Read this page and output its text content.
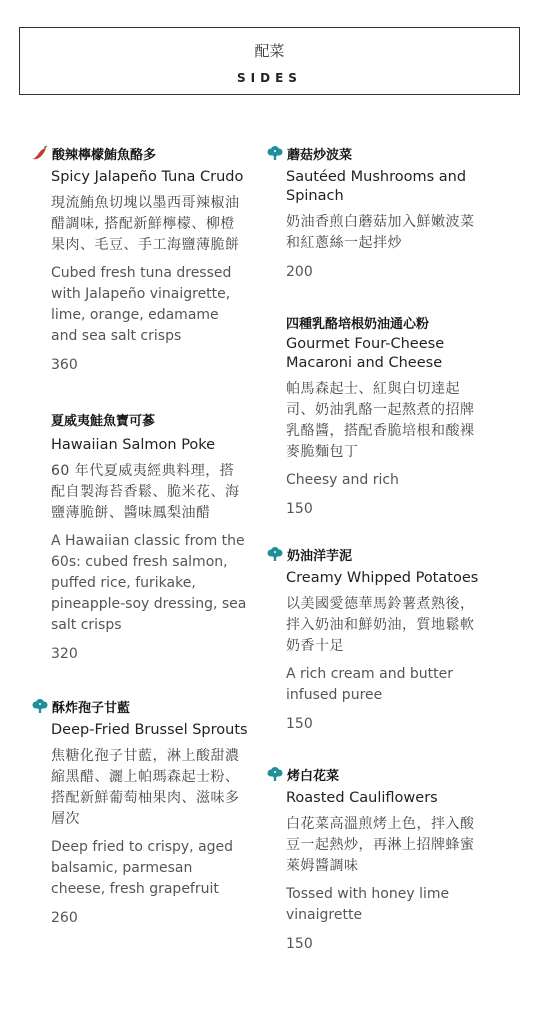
配菜
SIDES
酸辣檸檬鮪魚酪多
Spicy Jalapeño Tuna Crudo
現流鮪魚切塊以墨西哥辣椒油醋調味, 搭配新鮮檸檬、柳橙果肉、毛豆、手工海鹽薄脆餅
Cubed fresh tuna dressed with Jalapeño vinaigrette, lime, orange, edamame and sea salt crisps
360
夏威夷鮭魚寶可蔘
Hawaiian Salmon Poke
60 年代夏威夷經典料理，搭配自製海苔香鬆、脆米花、海鹽薄脆餅、醬味鳳梨油醋
A Hawaiian classic from the 60s: cubed fresh salmon, puffed rice, furikake, pineapple-soy dressing, sea salt crisps
320
酥炸孢子甘藍
Deep-Fried Brussel Sprouts
焦糖化孢子甘藍，淋上酸甜濃縮黑醋、灑上帕瑪森起士粉、搭配新鮮葡萄柚果肉、滋味多層次
Deep fried to crispy, aged balsamic, parmesan cheese, fresh grapefruit
260
蘑菇炒波菜
Sautéed Mushrooms and Spinach
奶油香煎白蘑菇加入鮮嫩波菜和紅蔥絲一起拌炒
200
四種乳酪培根奶油通心粉
Gourmet Four-Cheese Macaroni and Cheese
帕馬森起士、紅與白切達起司、奶油乳酪一起熬煮的招牌乳酪醬，搭配香脆培根和酸裸麥脆麵包丁
Cheesy and rich
150
奶油洋芋泥
Creamy Whipped Potatoes
以美國愛德華馬鈴薯煮熟後，拌入奶油和鮮奶油，質地鬆軟奶香十足
A rich cream and butter infused puree
150
烤白花菜
Roasted Cauliflowers
白花菜高溫煎烤上色，拌入酸豆一起熱炒，再淋上招牌蜂蜜萊姆醬調味
Tossed with honey lime vinaigrette
150
